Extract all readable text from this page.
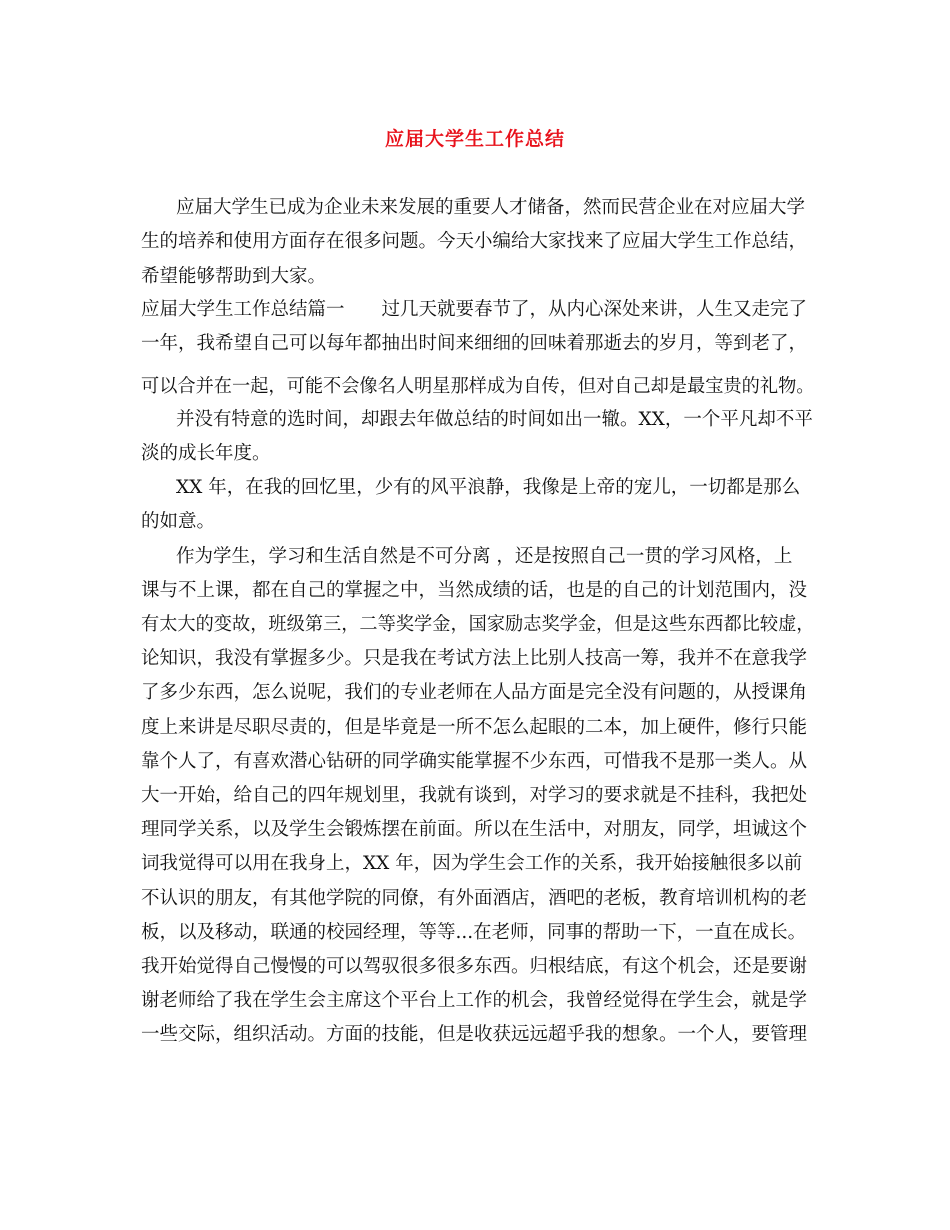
应届大学生工作总结
应届大学生已成为企业未来发展的重要人才储备，然而民营企业在对应届大学
生的培养和使用方面存在很多问题。今天小编给大家找来了应届大学生工作总结，
希望能够帮助到大家。
应届大学生工作总结篇一　　过几天就要春节了，从内心深处来讲，人生又走完了
一年，我希望自己可以每年都抽出时间来细细的回味着那逝去的岁月，等到老了，
可以合并在一起，可能不会像名人明星那样成为自传，但对自己却是最宝贵的礼物。
并没有特意的选时间，却跟去年做总结的时间如出一辙。XX，一个平凡却不平
淡的成长年度。
XX 年，在我的回忆里，少有的风平浪静，我像是上帝的宠儿，一切都是那么
的如意。
作为学生，学习和生活自然是不可分离 ，还是按照自己一贯的学习风格，上
课与不上课，都在自己的掌握之中，当然成绩的话，也是的自己的计划范围内，没
有太大的变故，班级第三，二等奖学金，国家励志奖学金，但是这些东西都比较虚，
论知识，我没有掌握多少。只是我在考试方法上比别人技高一筹，我并不在意我学
了多少东西，怎么说呢，我们的专业老师在人品方面是完全没有问题的，从授课角
度上来讲是尽职尽责的，但是毕竟是一所不怎么起眼的二本，加上硬件，修行只能
靠个人了，有喜欢潜心钻研的同学确实能掌握不少东西，可惜我不是那一类人。从
大一开始，给自己的四年规划里，我就有谈到，对学习的要求就是不挂科，我把处
理同学关系，以及学生会锻炼摆在前面。所以在生活中，对朋友，同学，坦诚这个
词我觉得可以用在我身上，XX 年，因为学生会工作的关系，我开始接触很多以前
不认识的朋友，有其他学院的同僚，有外面酒店，酒吧的老板，教育培训机构的老
板，以及移动，联通的校园经理，等等...在老师，同事的帮助一下，一直在成长。
我开始觉得自己慢慢的可以驾驭很多很多东西。归根结底，有这个机会，还是要谢
谢老师给了我在学生会主席这个平台上工作的机会，我曾经觉得在学生会，就是学
一些交际，组织活动。方面的技能，但是收获远远超乎我的想象。一个人，要管理
